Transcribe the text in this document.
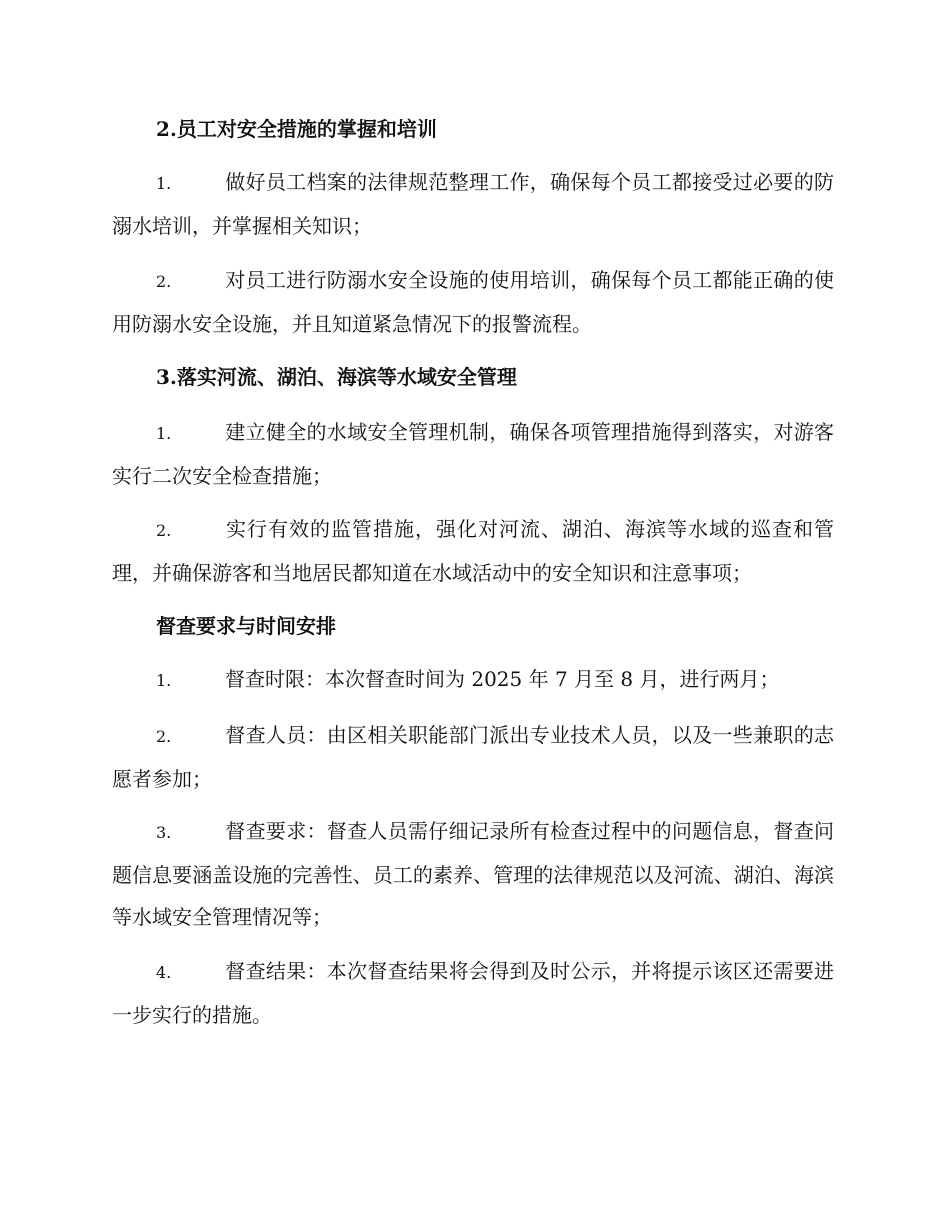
2.员工对安全措施的掌握和培训
1.	做好员工档案的法律规范整理工作，确保每个员工都接受过必要的防溺水培训，并掌握相关知识；
2.	对员工进行防溺水安全设施的使用培训，确保每个员工都能正确的使用防溺水安全设施，并且知道紧急情况下的报警流程。
3.落实河流、湖泊、海滨等水域安全管理
1.	建立健全的水域安全管理机制，确保各项管理措施得到落实，对游客实行二次安全检查措施；
2.	实行有效的监管措施，强化对河流、湖泊、海滨等水域的巡查和管理，并确保游客和当地居民都知道在水域活动中的安全知识和注意事项；
督查要求与时间安排
1.	督查时限：本次督查时间为 2025 年 7 月至 8 月，进行两月；
2.	督查人员：由区相关职能部门派出专业技术人员，以及一些兼职的志愿者参加；
3.	督查要求：督查人员需仔细记录所有检查过程中的问题信息，督查问题信息要涵盖设施的完善性、员工的素养、管理的法律规范以及河流、湖泊、海滨等水域安全管理情况等；
4.	督查结果：本次督查结果将会得到及时公示，并将提示该区还需要进一步实行的措施。
